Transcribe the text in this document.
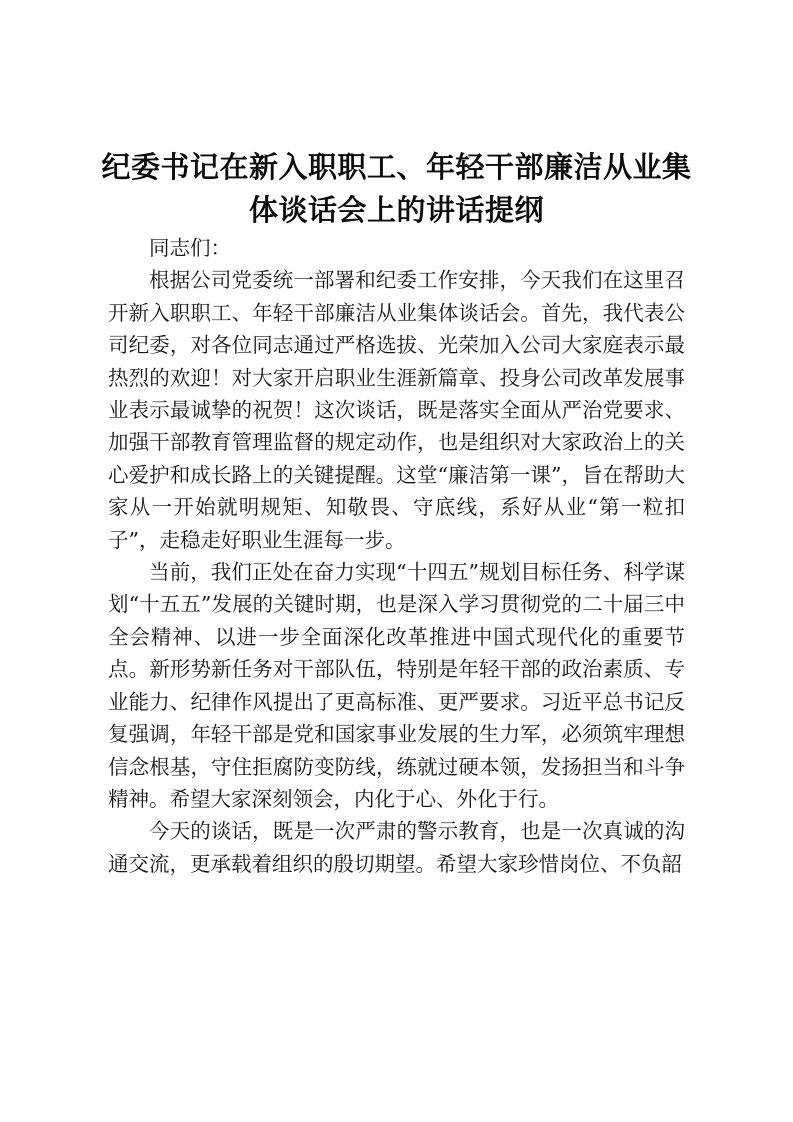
纪委书记在新入职职工、年轻干部廉洁从业集体谈话会上的讲话提纲

同志们：

根据公司党委统一部署和纪委工作安排，今天我们在这里召开新入职职工、年轻干部廉洁从业集体谈话会。首先，我代表公司纪委，对各位同志通过严格选拔、光荣加入公司大家庭表示最热烈的欢迎！对大家开启职业生涯新篇章、投身公司改革发展事业表示最诚挚的祝贺！这次谈话，既是落实全面从严治党要求、加强干部教育管理监督的规定动作，也是组织对大家政治上的关心爱护和成长路上的关键提醒。这堂“廉洁第一课”，旨在帮助大家从一开始就明规矩、知敬畏、守底线，系好从业“第一粒扣子”，走稳走好职业生涯每一步。

当前，我们正处在奋力实现“十四五”规划目标任务、科学谋划“十五五”发展的关键时期，也是深入学习贯彻党的二十届三中全会精神、以进一步全面深化改革推进中国式现代化的重要节点。新形势新任务对干部队伍，特别是年轻干部的政治素质、专业能力、纪律作风提出了更高标准、更严要求。习近平总书记反复强调，年轻干部是党和国家事业发展的生力军，必须筑牢理想信念根基，守住拒腐防变防线，练就过硬本领，发扬担当和斗争精神。希望大家深刻领会，内化于心、外化于行。

今天的谈话，既是一次严肃的警示教育，也是一次真诚的沟通交流，更承载着组织的殷切期望。希望大家珍惜岗位、不负韶
